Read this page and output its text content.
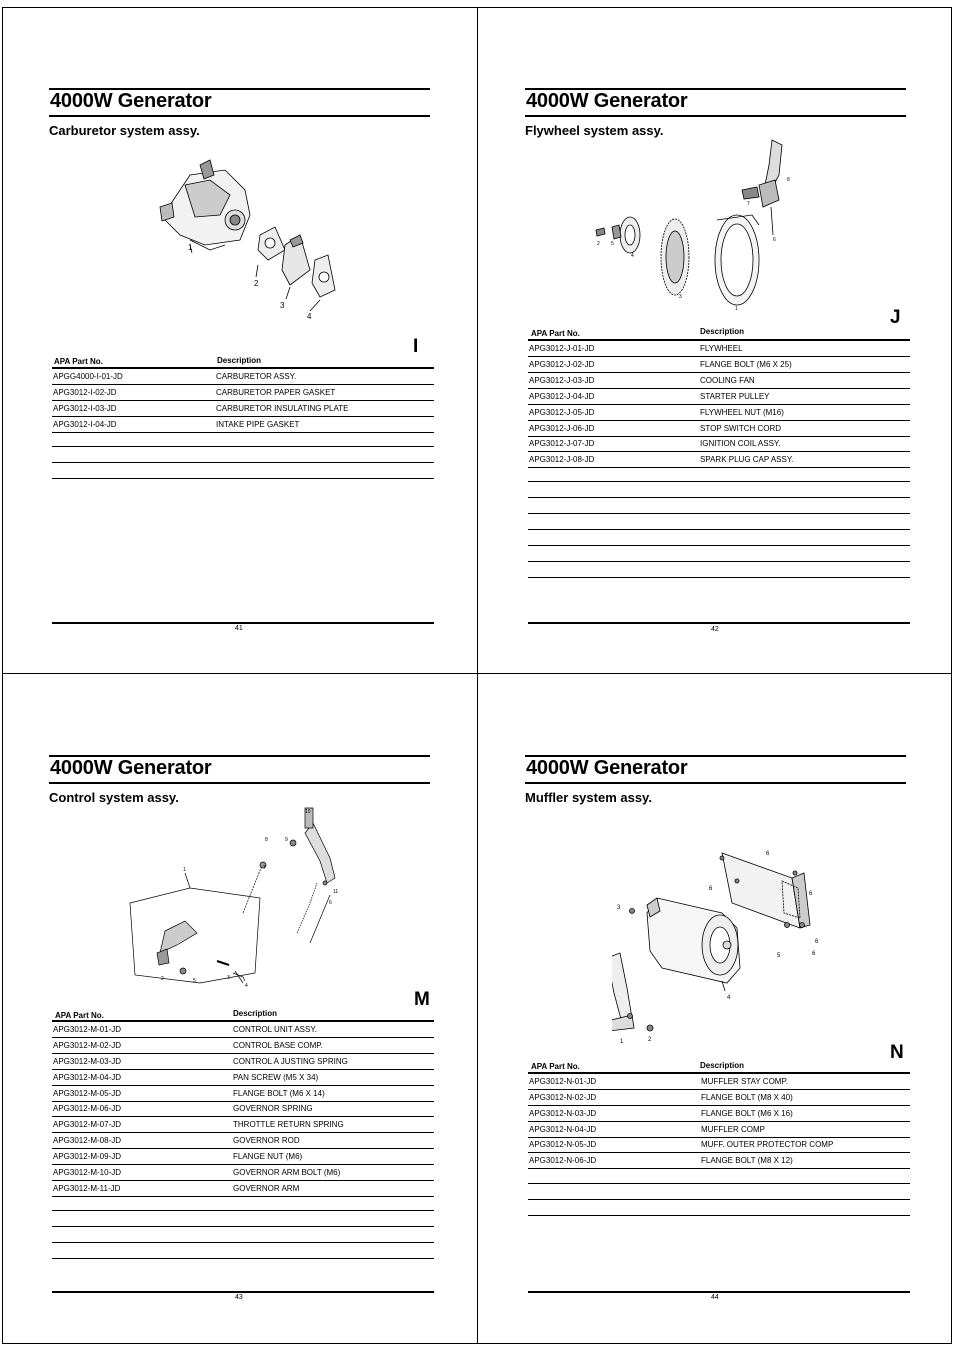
4000W Generator
Carburetor system assy.
1
2
3
4
I
APA Part No.	Description
APGG4000-I-01-JD	CARBURETOR ASSY.
APG3012-I-02-JD	CARBURETOR PAPER GASKET
APG3012-I-03-JD	CARBURETOR INSULATING PLATE
APG3012-I-04-JD	INTAKE PIPE GASKET
41
4000W Generator
Flywheel system assy.
1
2
3
4
5
6
7
8
J
APA Part No.	Description
APG3012-J-01-JD	FLYWHEEL
APG3012-J-02-JD	FLANGE BOLT (M6 X 25)
APG3012-J-03-JD	COOLING FAN
APG3012-J-04-JD	STARTER PULLEY
APG3012-J-05-JD	FLYWHEEL NUT (M16)
APG3012-J-06-JD	STOP SWITCH CORD
APG3012-J-07-JD	IGNITION COIL ASSY.
APG3012-J-08-JD	SPARK PLUG CAP ASSY.
42
4000W Generator
Control system assy.
1
2	3
4
5
6
7
8	9
10
11
M
APA Part No.	Description
APG3012-M-01-JD	CONTROL UNIT ASSY.
APG3012-M-02-JD	CONTROL BASE COMP.
APG3012-M-03-JD	CONTROL A JUSTING SPRING
APG3012-M-04-JD	PAN SCREW (M5 X 34)
APG3012-M-05-JD	FLANGE BOLT (M6 X 14)
APG3012-M-06-JD	GOVERNOR SPRING
APG3012-M-07-JD	THROTTLE RETURN SPRING
APG3012-M-08-JD	GOVERNOR ROD
APG3012-M-09-JD	FLANGE NUT (M6)
APG3012-M-10-JD	GOVERNOR ARM BOLT (M6)
APG3012-M-11-JD	GOVERNOR ARM
43
4000W Generator
Muffler system assy.
1	2
3
4
5
6
6
6
6
6
N
APA Part No.	Description
APG3012-N-01-JD	MUFFLER STAY COMP.
APG3012-N-02-JD	FLANGE BOLT (M8 X 40)
APG3012-N-03-JD	FLANGE BOLT (M6 X 16)
APG3012-N-04-JD	MUFFLER COMP
APG3012-N-05-JD	MUFF. OUTER PROTECTOR COMP
APG3012-N-06-JD	FLANGE BOLT (M8 X 12)
44
